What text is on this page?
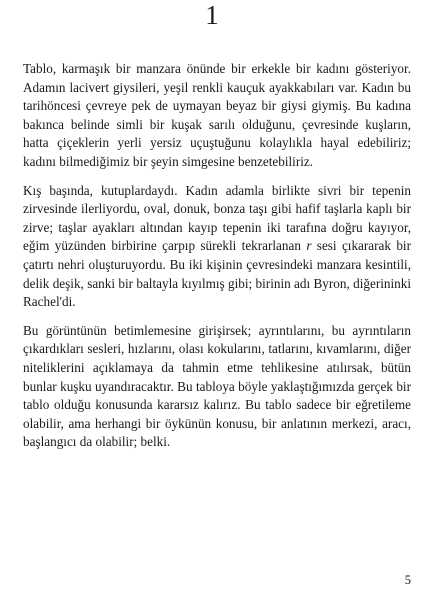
1

Tablo, karmaşık bir manzara önünde bir erkekle bir kadını gösteriyor. Adamın lacivert giysileri, yeşil renkli kauçuk ayakkabıları var. Kadın bu tarihöncesi çevreye pek de uymayan beyaz bir giysi giymiş. Bu kadına bakınca belinde simli bir kuşak sarılı olduğunu, çevresinde kuşların, hatta çiçeklerin yerli yersiz uçuştuğunu kolaylıkla hayal edebiliriz; kadını bilmediğimiz bir şeyin simgesine benzetebiliriz.

Kış başında, kutuplardaydı. Kadın adamla birlikte sivri bir tepenin zirvesinde ilerliyordu, oval, donuk, bonza taşı gibi hafif taşlarla kaplı bir zirve; taşlar ayakları altından kayıp tepenin iki tarafına doğru kayıyor, eğim yüzünden birbirine çarpıp sürekli tekrarlanan r sesi çıkararak bir çatırtı nehri oluşturuyordu. Bu iki kişinin çevresindeki manzara kesintili, delik deşik, sanki bir baltayla kıyılmış gibi; birinin adı Byron, diğerininki Rachel'di.

Bu görüntünün betimlemesine girişirsek; ayrıntılarını, bu ayrıntıların çıkardıkları sesleri, hızlarını, olası kokularını, tatlarını, kıvamlarını, diğer niteliklerini açıklamaya da tahmin etme tehlikesine atılırsak, bütün bunlar kuşku uyandıracaktır. Bu tabloya böyle yaklaştığımızda gerçek bir tablo olduğu konusunda kararsız kalırız. Bu tablo sadece bir eğretileme olabilir, ama herhangi bir öykünün konusu, bir anlatının merkezi, aracı, başlangıcı da olabilir; belki.

5
